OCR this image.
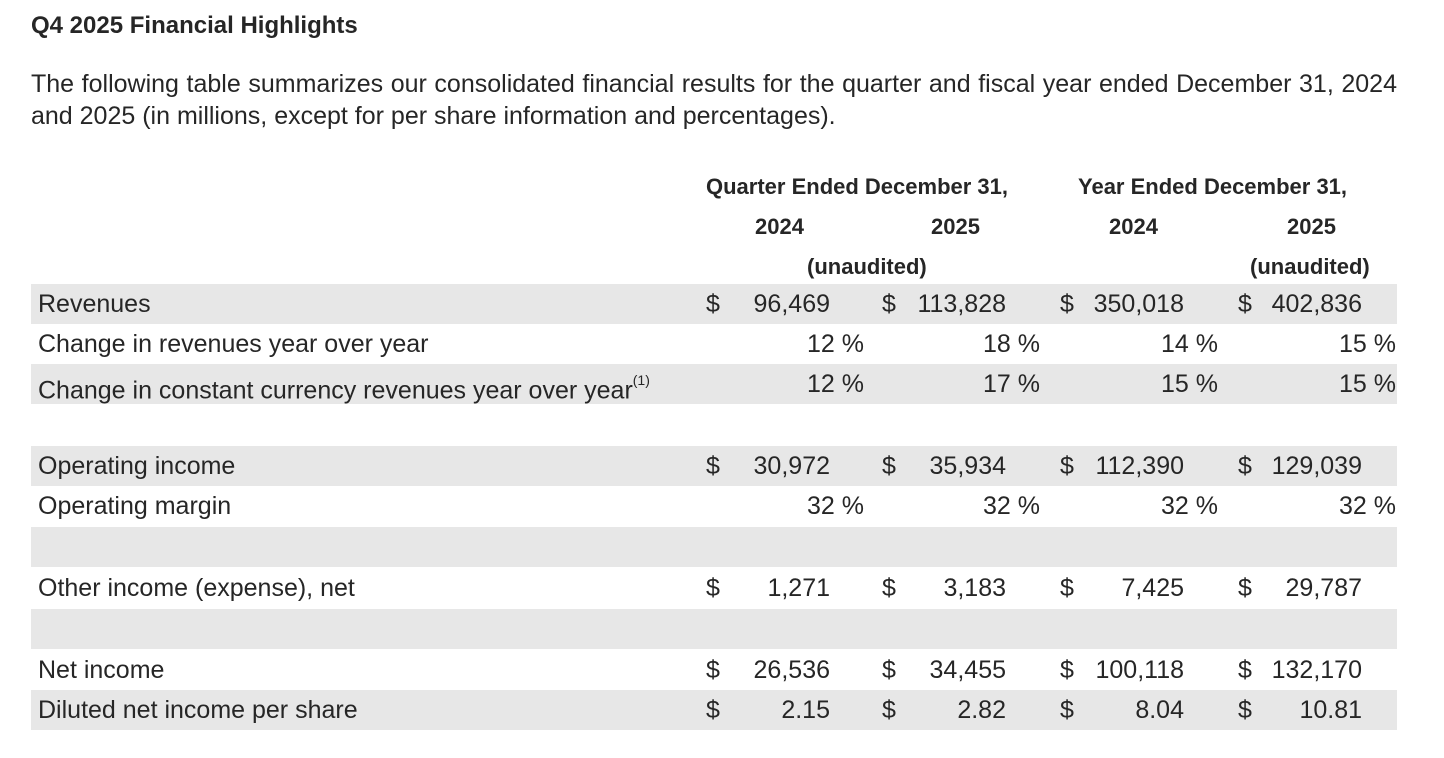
Q4 2025 Financial Highlights
The following table summarizes our consolidated financial results for the quarter and fiscal year ended December 31, 2024 and 2025 (in millions, except for per share information and percentages).
Quarter Ended December 31,	Year Ended December 31,
2024	2025	2024	2025
(unaudited)	(unaudited)
Revenues	$ 96,469 $ 113,828 $ 350,018 $ 402,836
Change in revenues year over year	12 %	18 %	14 %	15 %
Change in constant currency revenues year over year$^{(1)}$	12 %	17 %	15 %	15 %
Operating income	$ 30,972 $ 35,934 $ 112,390 $ 129,039
Operating margin	32 %	32 %	32 %	32 %
Other income (expense), net	$ 1,271 $ 3,183 $ 7,425 $ 29,787
Net income	$ 26,536 $ 34,455 $ 100,118 $ 132,170
Diluted net income per share	$ 2.15 $ 2.82 $ 8.04 $ 10.81
